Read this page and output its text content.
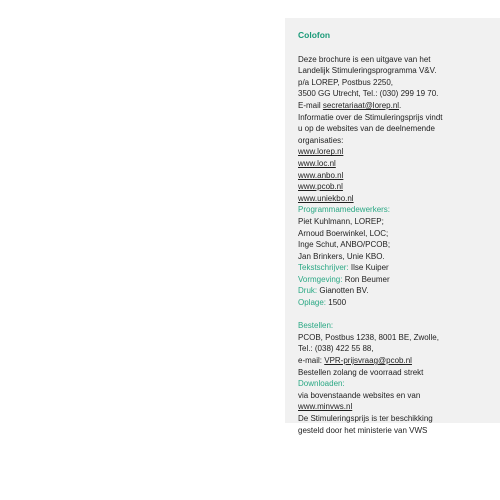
Colofon
Deze brochure is een uitgave van het
Landelijk Stimuleringsprogramma V&V.
p/a LOREP, Postbus 2250,
3500 GG Utrecht, Tel.: (030) 299 19 70.
E-mail secretariaat@lorep.nl.
Informatie over de Stimuleringsprijs vindt
u op de websites van de deelnemende
organisaties:
www.lorep.nl
www.loc.nl
www.anbo.nl
www.pcob.nl
www.uniekbo.nl
Programmamedewerkers:
Piet Kuhlmann, LOREP;
Arnoud Boerwinkel, LOC;
Inge Schut, ANBO/PCOB;
Jan Brinkers, Unie KBO.
Tekstschrijver: Ilse Kuiper
Vormgeving: Ron Beumer
Druk: Gianotten BV.
Oplage: 1500
Bestellen:
PCOB, Postbus 1238, 8001 BE, Zwolle,
Tel.: (038) 422 55 88,
e-mail: VPR-prijsvraag@pcob.nl
Bestellen zolang de voorraad strekt
Downloaden:
via bovenstaande websites en van
www.minvws.nl
De Stimuleringsprijs is ter beschikking
gesteld door het ministerie van VWS
